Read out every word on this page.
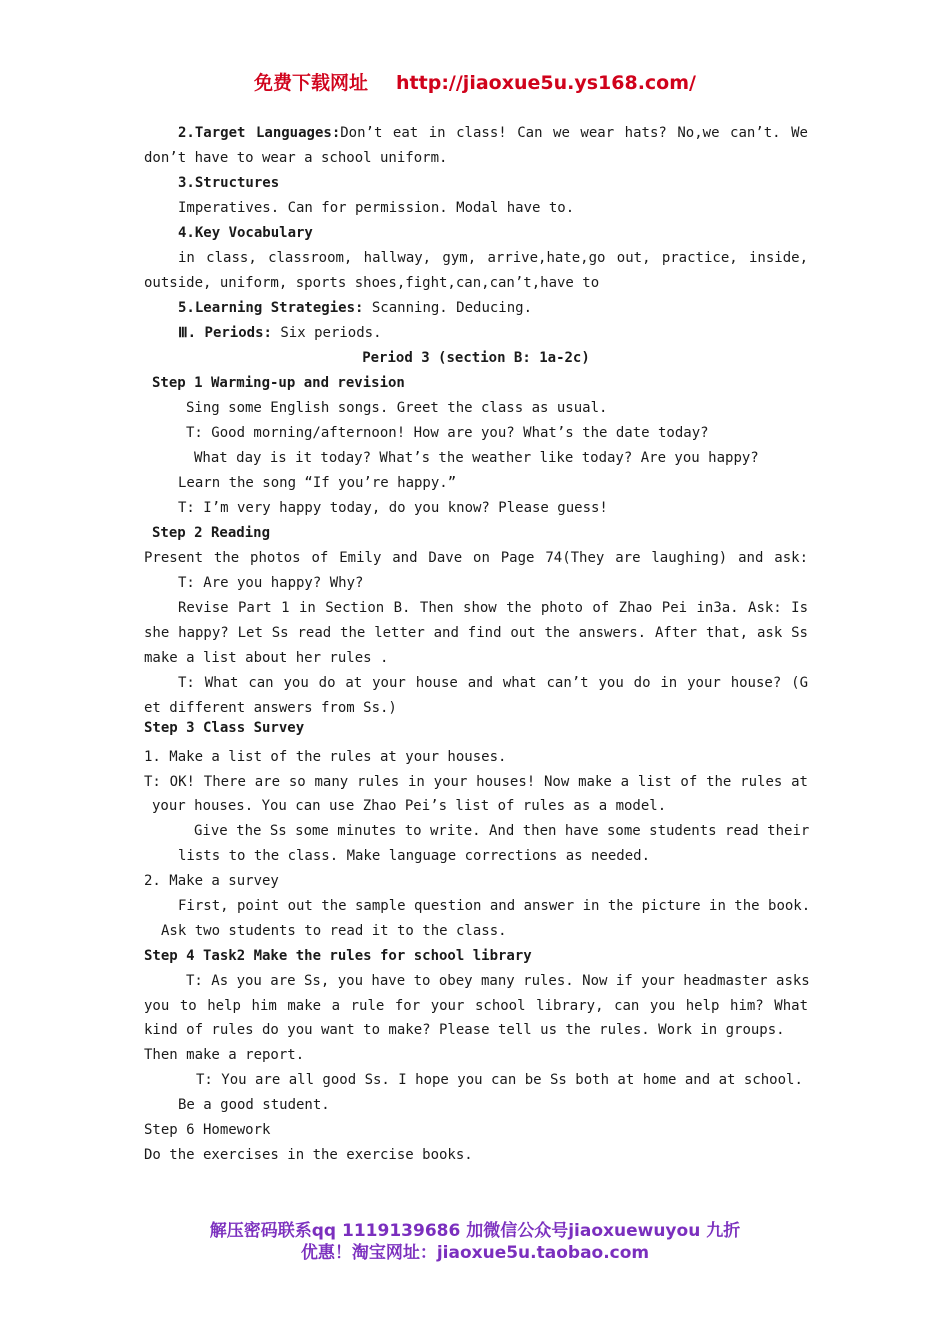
免费下载网址 http://jiaoxue5u.ys168.com/
2.Target Languages:Don’t eat in class! Can we wear hats? No,we can’t. We
don’t have to wear a school uniform.
3.Structures
Imperatives. Can for permission. Modal have to.
4.Key Vocabulary
in class, classroom, hallway, gym, arrive,hate,go out, practice, inside,
outside, uniform, sports shoes,fight,can,can’t,have to
5.Learning Strategies: Scanning. Deducing.
Ⅲ. Periods: Six periods.
Period 3 (section B: 1a-2c)
Step 1 Warming-up and revision
Sing some English songs. Greet the class as usual.
T: Good morning/afternoon! How are you? What’s the date today?
What day is it today? What’s the weather like today? Are you happy?
Learn the song “If you’re happy.”
T: I’m very happy today, do you know? Please guess!
Step 2 Reading
Present the photos of Emily and Dave on Page 74(They are laughing) and ask:
T: Are you happy? Why?
Revise Part 1 in Section B. Then show the photo of Zhao Pei in3a. Ask: Is
she happy? Let Ss read the letter and find out the answers. After that, ask Ss
make a list about her rules .
T: What can you do at your house and what can’t you do in your house? (G
et different answers from Ss.)
Step 3 Class Survey
1. Make a list of the rules at your houses.
T: OK! There are so many rules in your houses! Now make a list of the rules at
your houses. You can use Zhao Pei’s list of rules as a model.
Give the Ss some minutes to write. And then have some students read their
lists to the class. Make language corrections as needed.
2. Make a survey
First, point out the sample question and answer in the picture in the book.
Ask two students to read it to the class.
Step 4 Task2 Make the rules for school library
T: As you are Ss, you have to obey many rules. Now if your headmaster asks
you to help him make a rule for your school library, can you help him? What
kind of rules do you want to make? Please tell us the rules. Work in groups.
Then make a report.
T: You are all good Ss. I hope you can be Ss both at home and at school.
Be a good student.
Step 6 Homework
Do the exercises in the exercise books.
解压密码联系qq 1119139686 加微信公众号jiaoxuewuyou 九折
优惠！淘宝网址：jiaoxue5u.taobao.com
